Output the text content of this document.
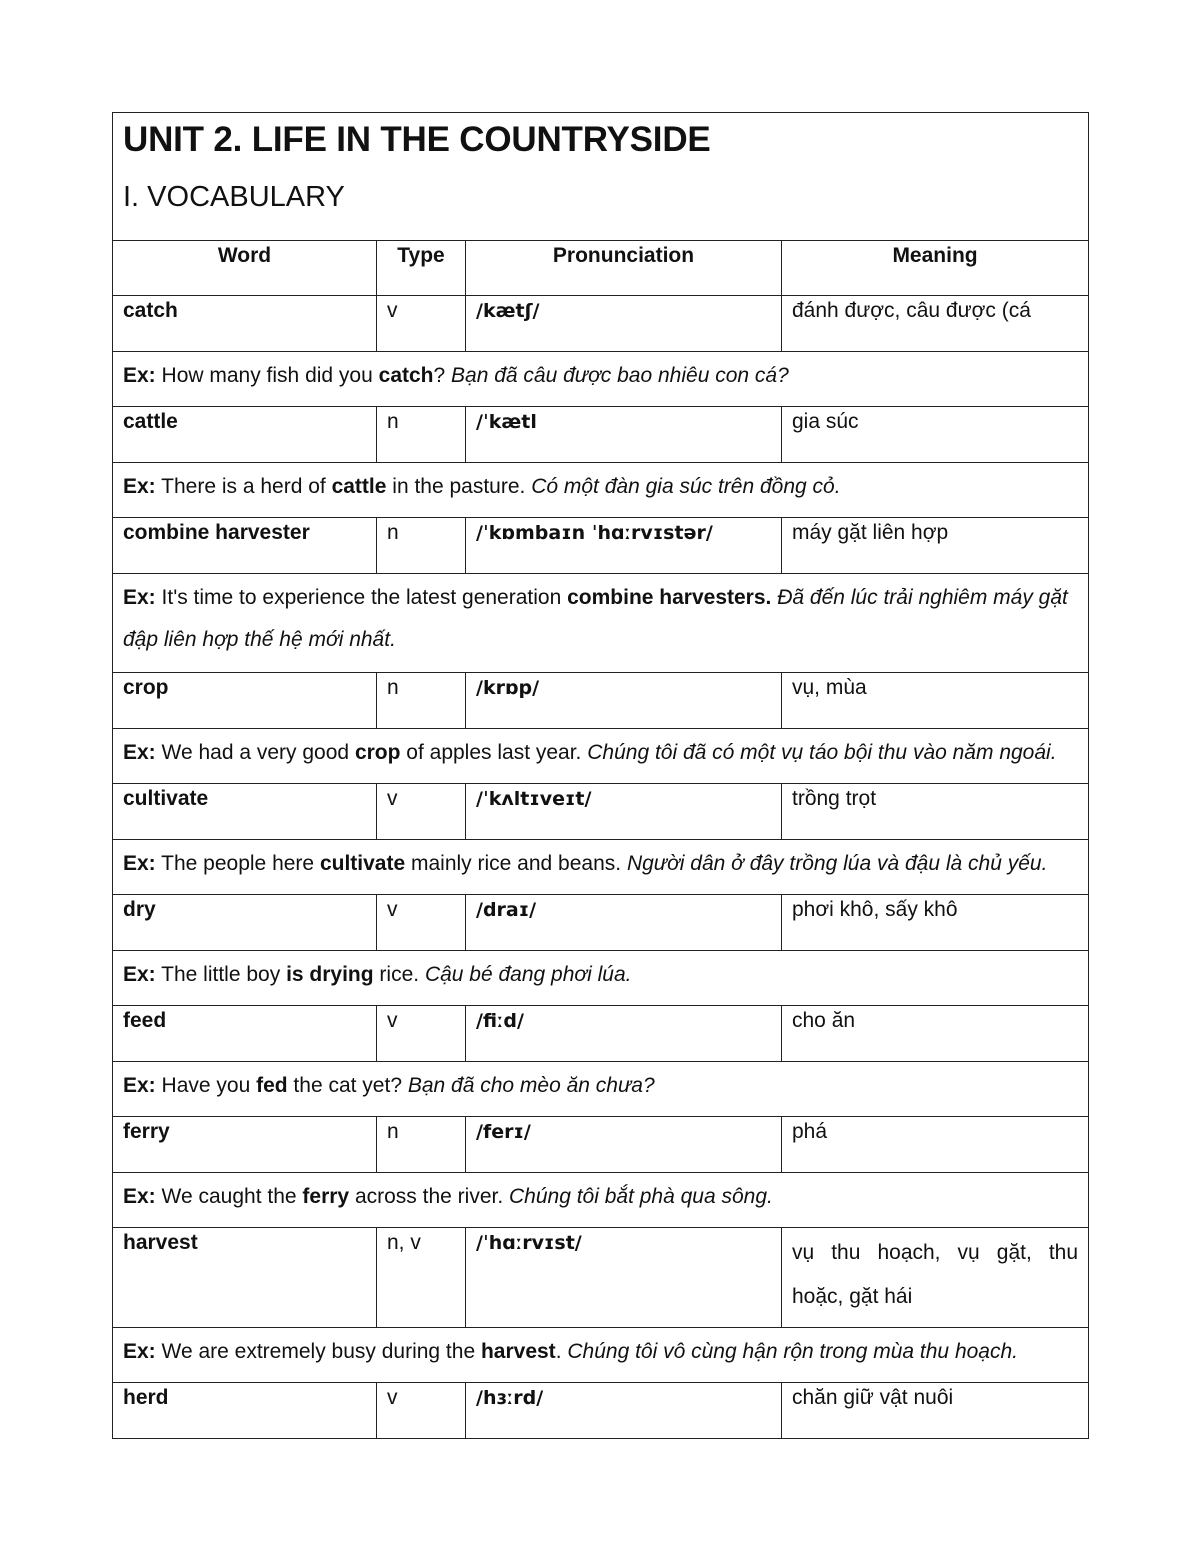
UNIT 2. LIFE IN THE COUNTRYSIDE
I. VOCABULARY			

Word	Type	Pronunciation	Meaning
catch	v	/kætʃ/	đánh được, câu được (cá
Ex: How many fish did you catch? Bạn đã câu được bao nhiêu con cá?			
cattle	n	/ˈkætl	gia súc
Ex: There is a herd of cattle in the pasture. Có một đàn gia súc trên đồng cỏ.			
combine harvester	n	/ˈkɒmbaɪn ˈhɑːrvɪstər/	máy gặt liên hợp
Ex: It's time to experience the latest generation combine harvesters. Đã đến lúc trải nghiêm máy gặt đập liên hợp thế hệ mới nhất.			
crop	n	/krɒp/	vụ, mùa
Ex: We had a very good crop of apples last year. Chúng tôi đã có một vụ táo bội thu vào năm ngoái.			
cultivate	v	/ˈkʌltɪveɪt/	trồng trọt
Ex: The people here cultivate mainly rice and beans. Người dân ở đây trồng lúa và đậu là chủ yếu.			
dry	v	/draɪ/	phơi khô, sấy khô
Ex: The little boy is drying rice. Cậu bé đang phơi lúa.			
feed	v	/fiːd/	cho ăn
Ex: Have you fed the cat yet? Bạn đã cho mèo ăn chưa?			
ferry	n	/ferɪ/	phá
Ex: We caught the ferry across the river. Chúng tôi bắt phà qua sông.			
harvest	n, v	/ˈhɑːrvɪst/	vụ thu hoạch, vụ gặt, thu
hoặc, gặt hái
Ex: We are extremely busy during the harvest. Chúng tôi vô cùng hận rộn trong mùa thu hoạch.			
herd	v	/hɜːrd/	chăn giữ vật nuôi
